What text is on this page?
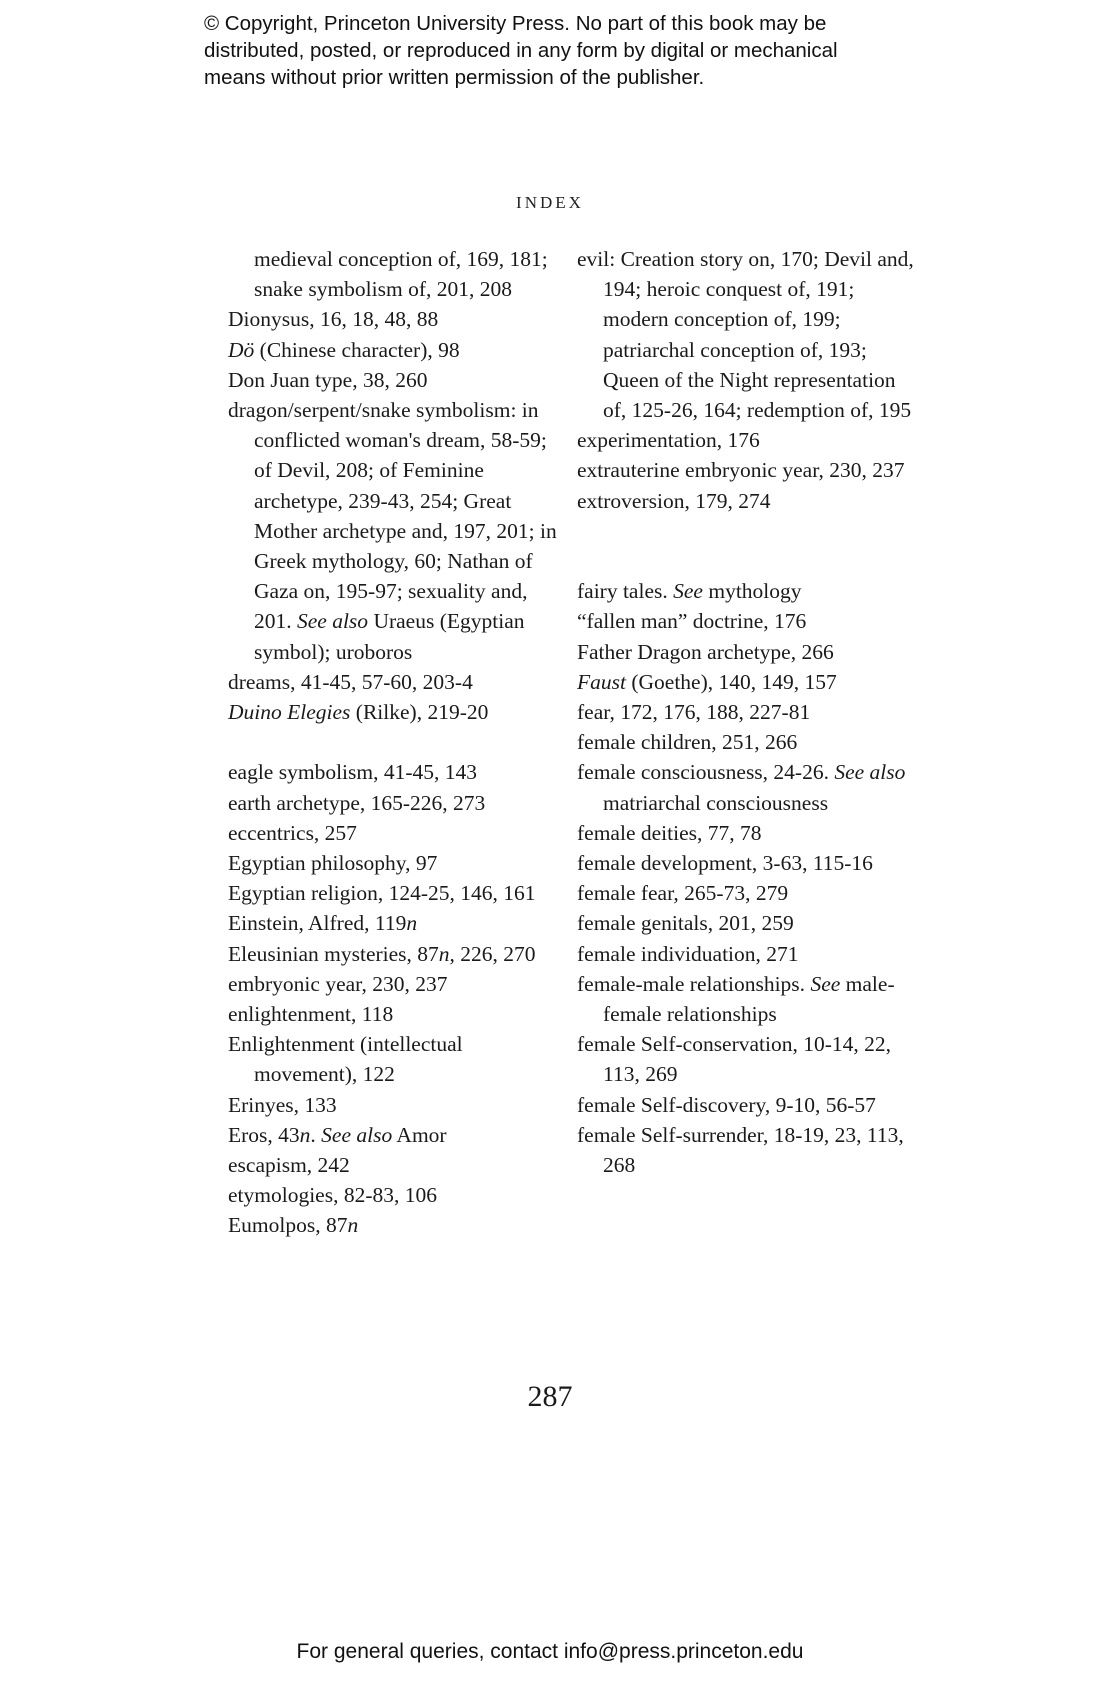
© Copyright, Princeton University Press. No part of this book may be
distributed, posted, or reproduced in any form by digital or mechanical
means without prior written permission of the publisher.
INDEX
medieval conception of, 169, 181; snake symbolism of, 201, 208
Dionysus, 16, 18, 48, 88
Dö (Chinese character), 98
Don Juan type, 38, 260
dragon/serpent/snake symbolism: in conflicted woman's dream, 58-59; of Devil, 208; of Feminine archetype, 239-43, 254; Great Mother archetype and, 197, 201; in Greek mythology, 60; Nathan of Gaza on, 195-97; sexuality and, 201. See also Uraeus (Egyptian symbol); uroboros
dreams, 41-45, 57-60, 203-4
Duino Elegies (Rilke), 219-20
eagle symbolism, 41-45, 143
earth archetype, 165-226, 273
eccentrics, 257
Egyptian philosophy, 97
Egyptian religion, 124-25, 146, 161
Einstein, Alfred, 119n
Eleusinian mysteries, 87n, 226, 270
embryonic year, 230, 237
enlightenment, 118
Enlightenment (intellectual movement), 122
Erinyes, 133
Eros, 43n. See also Amor
escapism, 242
etymologies, 82-83, 106
Eumolpos, 87n
evil: Creation story on, 170; Devil and, 194; heroic conquest of, 191; modern conception of, 199; patriarchal conception of, 193; Queen of the Night representation of, 125-26, 164; redemption of, 195
experimentation, 176
extrauterine embryonic year, 230, 237
extroversion, 179, 274
fairy tales. See mythology
“fallen man” doctrine, 176
Father Dragon archetype, 266
Faust (Goethe), 140, 149, 157
fear, 172, 176, 188, 227-81
female children, 251, 266
female consciousness, 24-26. See also matriarchal consciousness
female deities, 77, 78
female development, 3-63, 115-16
female fear, 265-73, 279
female genitals, 201, 259
female individuation, 271
female-male relationships. See male-female relationships
female Self-conservation, 10-14, 22, 113, 269
female Self-discovery, 9-10, 56-57
female Self-surrender, 18-19, 23, 113, 268
287
For general queries, contact info@press.princeton.edu
